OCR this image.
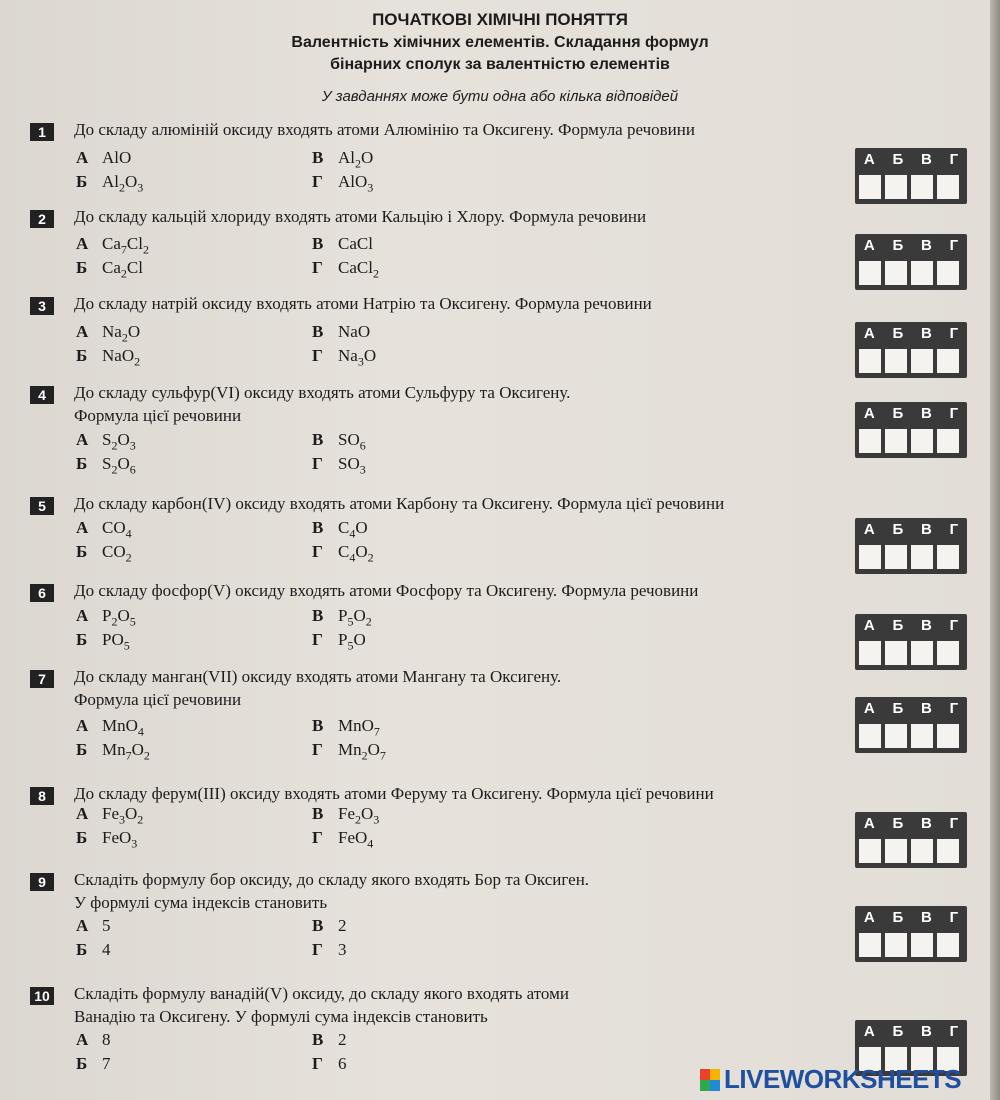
ПОЧАТКОВІ ХІМІЧНІ ПОНЯТТЯ
Валентність хімічних елементів. Складання формул
бінарних сполук за валентністю елементів
У завданнях може бути одна або кілька відповідей
1	До складу алюміній оксиду входять атоми Алюмінію та Оксигену. Формула речовини
А AlO
Б $Al_2O_3$
В $Al_2O$
Г AlO$_3$
А Б В Г
2	До складу кальцій хлориду входять атоми Кальцію і Хлору. Формула речовини
А $Ca_7Cl_2$
Б $Ca_2Cl$
В CaCl
Г CaCl$_2$
А Б В Г
3	До складу натрій оксиду входять атоми Натрію та Оксигену. Формула речовини
А $Na_2O$
Б NaO$_2$
В NaO
Г $Na_3O$
А Б В Г
4	До складу сульфур(VI) оксиду входять атоми Сульфуру та Оксигену.
Формула цієї речовини
А $S_2O_3$
Б $S_2O_6$
В $SO_6$
Г $SO_3$
А Б В Г
5	До складу карбон(IV) оксиду входять атоми Карбону та Оксигену. Формула цієї речовини
А $CO_4$
Б $CO_2$
В $C_4O$
Г $C_4O_2$
А Б В Г
6	До складу фосфор(V) оксиду входять атоми Фосфору та Оксигену. Формула речовини
А $P_2O_5$
Б $PO_5$
В $P_5O_2$
Г $P_5O$
А Б В Г
7	До складу манган(VII) оксиду входять атоми Мангану та Оксигену.
Формула цієї речовини
А MnO$_4$
Б $Mn_7O_2$
В MnO$_7$
Г $Mn_2O_7$
А Б В Г
8	До складу ферум(III) оксиду входять атоми Феруму та Оксигену. Формула цієї речовини
А $Fe_3O_2$
Б FeO$_3$
В $Fe_2O_3$
Г FeO$_4$
А Б В Г
9	Складіть формулу бор оксиду, до складу якого входять Бор та Оксиген.
У формулі сума індексів становить
А 5
Б 4
В 2
Г 3
А Б В Г
10 Складіть формулу ванадій(V) оксиду, до складу якого входять атоми
Ванадію та Оксигену. У формулі сума індексів становить
А 8
Б 7
В 2
Г 6
А Б В Г
LIVEWORKSHEETS
